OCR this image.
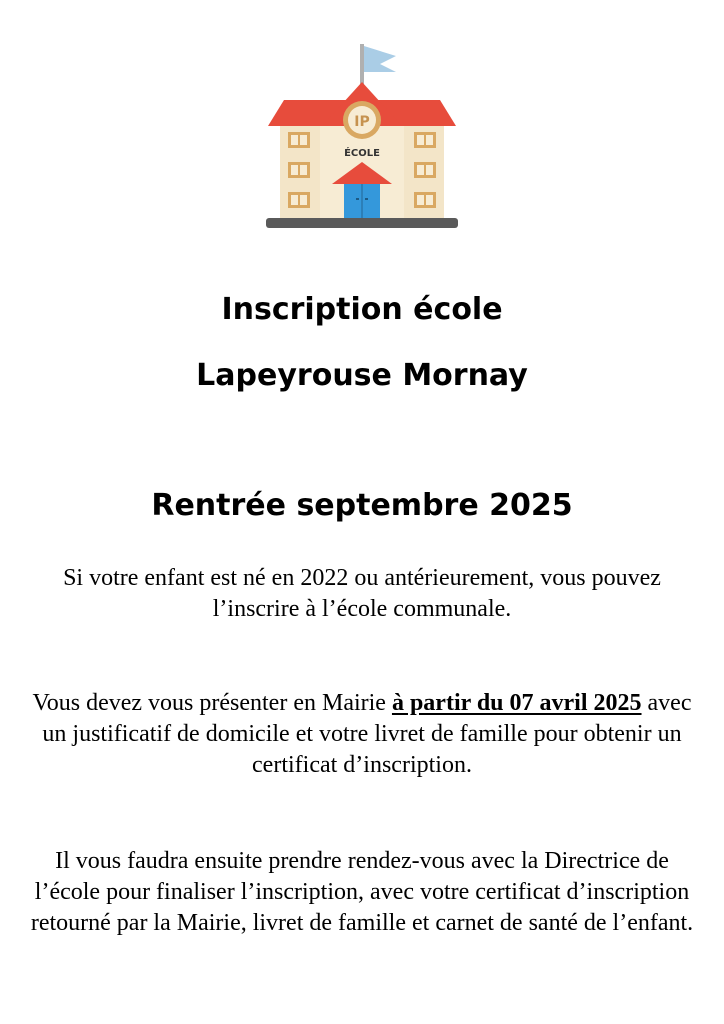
IP
ÉCOLE
Inscription école
Lapeyrouse Mornay
Rentrée septembre 2025

Si votre enfant est né en 2022 ou antérieurement, vous pouvez l’inscrire à l’école communale.

Vous devez vous présenter en Mairie à partir du 07 avril 2025 avec un justificatif de domicile et votre livret de famille pour obtenir un certificat d’inscription.

Il vous faudra ensuite prendre rendez-vous avec la Directrice de l’école pour finaliser l’inscription, avec votre certificat d’inscription retourné par la Mairie, livret de famille et carnet de santé de l’enfant.
